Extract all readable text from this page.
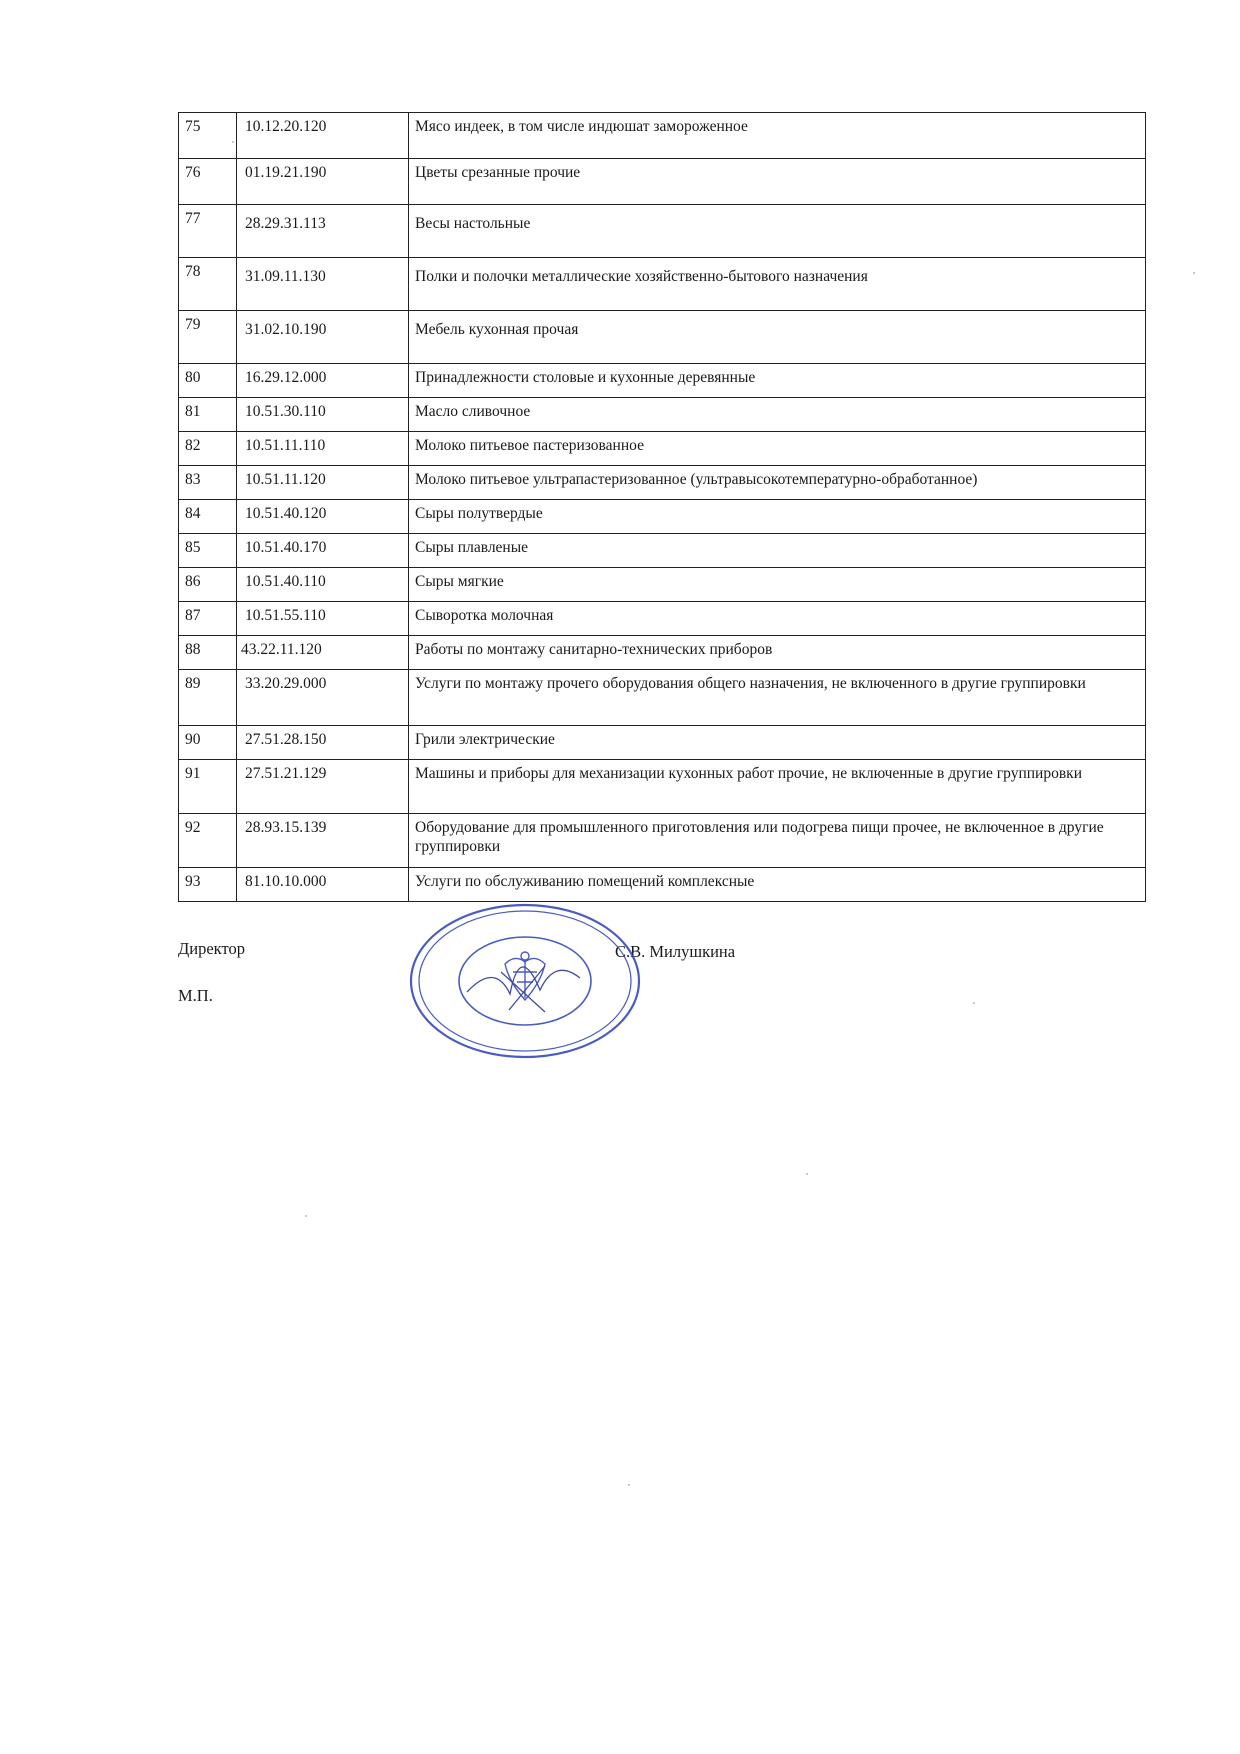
75	10.12.20.120	Мясо индеек, в том числе индюшат замороженное
76	01.19.21.190	Цветы срезанные прочие
77	28.29.31.113	Весы настольные
78	31.09.11.130	Полки и полочки металлические хозяйственно-бытового назначения
79	31.02.10.190	Мебель кухонная прочая
80	16.29.12.000	Принадлежности столовые и кухонные деревянные
81	10.51.30.110	Масло сливочное
82	10.51.11.110	Молоко питьевое пастеризованное
83	10.51.11.120	Молоко питьевое ультрапастеризованное (ультравысокотемпературно-обработанное)
84	10.51.40.120	Сыры полутвердые
85	10.51.40.170	Сыры плавленые
86	10.51.40.110	Сыры мягкие
87	10.51.55.110	Сыворотка молочная
88	43.22.11.120	Работы по монтажу санитарно-технических приборов
89	33.20.29.000	Услуги по монтажу прочего оборудования общего назначения, не включенного в другие группировки
90	27.51.28.150	Грили электрические
91	27.51.21.129	Машины и приборы для механизации кухонных работ прочие, не включенные в другие группировки
92	28.93.15.139	Оборудование для промышленного приготовления или подогрева пищи прочее, не включенное в другие группировки
93	81.10.10.000	Услуги по обслуживанию помещений комплексные
Директор
М.П.
С.В. Милушкина
